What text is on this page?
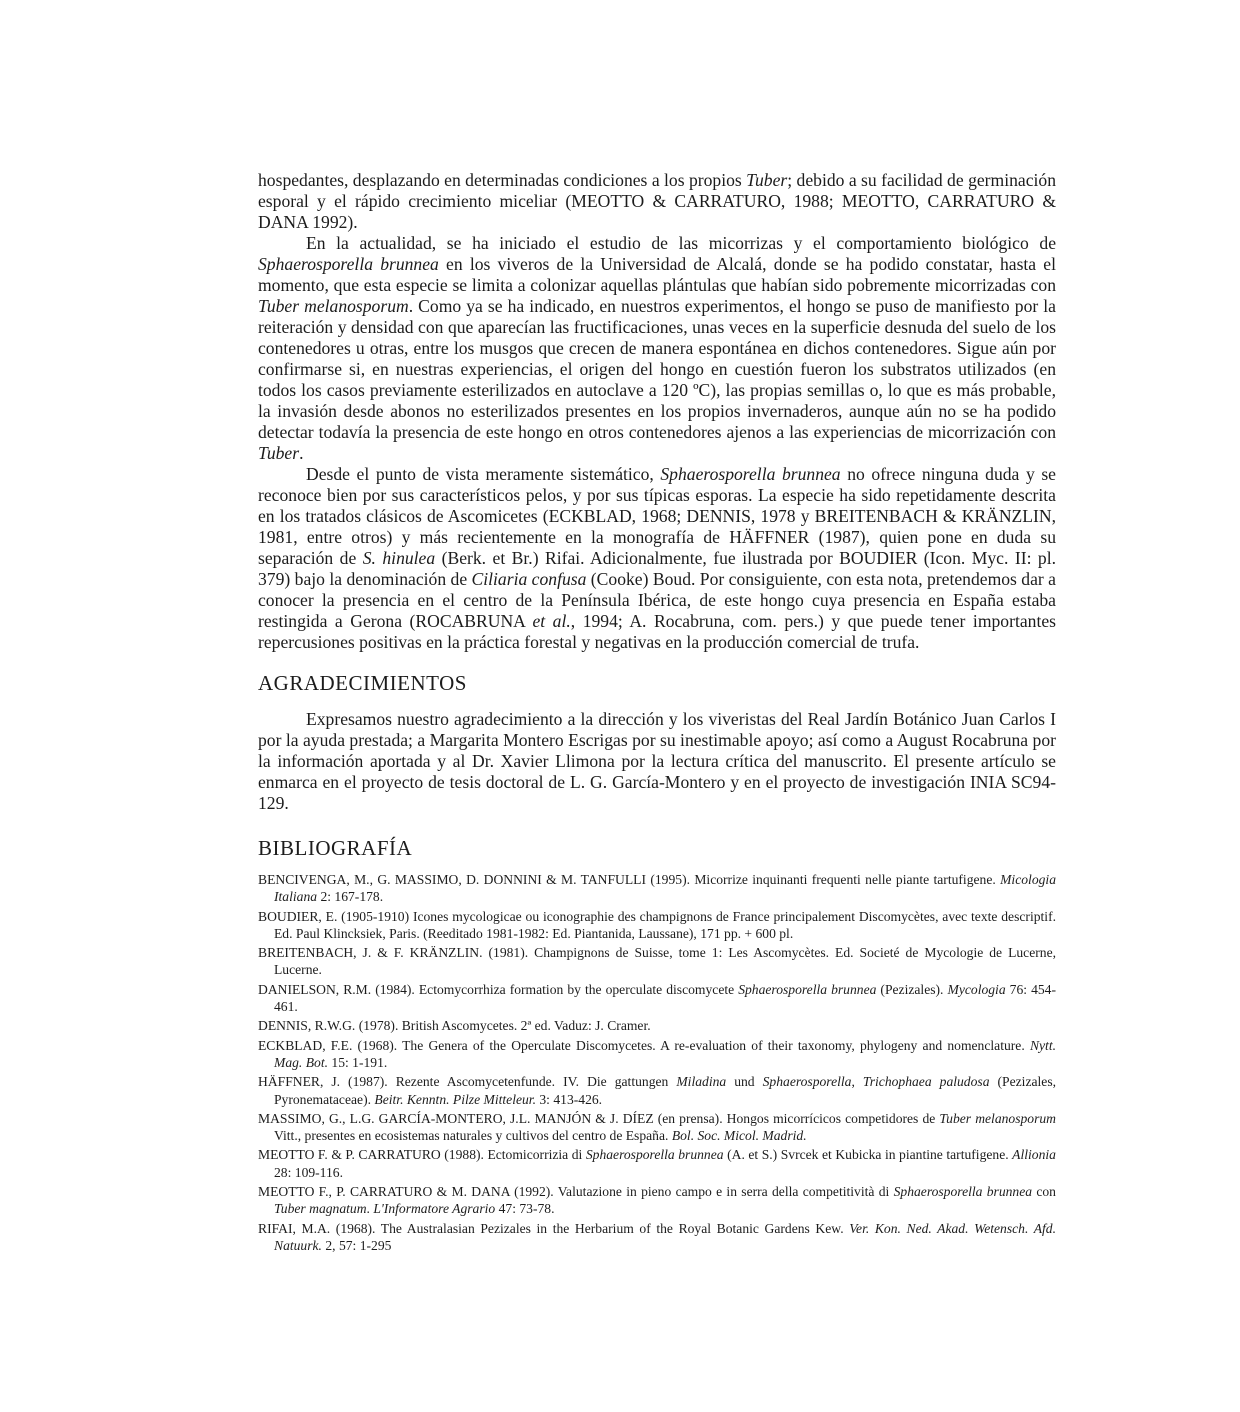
hospedantes, desplazando en determinadas condiciones a los propios Tuber; debido a su facilidad de germinación esporal y el rápido crecimiento miceliar (MEOTTO & CARRATURO, 1988; MEOTTO, CARRATURO & DANA 1992).

En la actualidad, se ha iniciado el estudio de las micorrizas y el comportamiento biológico de Sphaerosporella brunnea en los viveros de la Universidad de Alcalá, donde se ha podido constatar, hasta el momento, que esta especie se limita a colonizar aquellas plántulas que habían sido pobremente micorrizadas con Tuber melanosporum. Como ya se ha indicado, en nuestros experimentos, el hongo se puso de manifiesto por la reiteración y densidad con que aparecían las fructificaciones, unas veces en la superficie desnuda del suelo de los contenedores u otras, entre los musgos que crecen de manera espontánea en dichos contenedores. Sigue aún por confirmarse si, en nuestras experiencias, el origen del hongo en cuestión fueron los substratos utilizados (en todos los casos previamente esterilizados en autoclave a 120 ºC), las propias semillas o, lo que es más probable, la invasión desde abonos no esterilizados presentes en los propios invernaderos, aunque aún no se ha podido detectar todavía la presencia de este hongo en otros contenedores ajenos a las experiencias de micorrización con Tuber.

Desde el punto de vista meramente sistemático, Sphaerosporella brunnea no ofrece ninguna duda y se reconoce bien por sus característicos pelos, y por sus típicas esporas. La especie ha sido repetidamente descrita en los tratados clásicos de Ascomicetes (ECKBLAD, 1968; DENNIS, 1978 y BREITENBACH & KRÄNZLIN, 1981, entre otros) y más recientemente en la monografía de HÄFFNER (1987), quien pone en duda su separación de S. hinulea (Berk. et Br.) Rifai. Adicionalmente, fue ilustrada por BOUDIER (Icon. Myc. II: pl. 379) bajo la denominación de Ciliaria confusa (Cooke) Boud. Por consiguiente, con esta nota, pretendemos dar a conocer la presencia en el centro de la Península Ibérica, de este hongo cuya presencia en España estaba restingida a Gerona (ROCABRUNA et al., 1994; A. Rocabruna, com. pers.) y que puede tener importantes repercusiones positivas en la práctica forestal y negativas en la producción comercial de trufa.

AGRADECIMIENTOS

Expresamos nuestro agradecimiento a la dirección y los viveristas del Real Jardín Botánico Juan Carlos I por la ayuda prestada; a Margarita Montero Escrigas por su inestimable apoyo; así como a August Rocabruna por la información aportada y al Dr. Xavier Llimona por la lectura crítica del manuscrito. El presente artículo se enmarca en el proyecto de tesis doctoral de L. G. García-Montero y en el proyecto de investigación INIA SC94-129.

BIBLIOGRAFÍA
BENCIVENGA, M., G. MASSIMO, D. DONNINI & M. TANFULLI (1995). Micorrize inquinanti frequenti nelle piante tartufigene. Micologia Italiana 2: 167-178.
BOUDIER, E. (1905-1910) Icones mycologicae ou iconographie des champignons de France principalement Discomycètes, avec texte descriptif. Ed. Paul Klincksiek, Paris. (Reeditado 1981-1982: Ed. Piantanida, Laussane), 171 pp. + 600 pl.
BREITENBACH, J. & F. KRÄNZLIN. (1981). Champignons de Suisse, tome 1: Les Ascomycètes. Ed. Societé de Mycologie de Lucerne, Lucerne.
DANIELSON, R.M. (1984). Ectomycorrhiza formation by the operculate discomycete Sphaerosporella brunnea (Pezizales). Mycologia 76: 454-461.
DENNIS, R.W.G. (1978). British Ascomycetes. 2ª ed. Vaduz: J. Cramer.
ECKBLAD, F.E. (1968). The Genera of the Operculate Discomycetes. A re-evaluation of their taxonomy, phylogeny and nomenclature. Nytt. Mag. Bot. 15: 1-191.
HÄFFNER, J. (1987). Rezente Ascomycetenfunde. IV. Die gattungen Miladina und Sphaerosporella, Trichophaea paludosa (Pezizales, Pyronemataceae). Beitr. Kenntn. Pilze Mitteleur. 3: 413-426.
MASSIMO, G., L.G. GARCÍA-MONTERO, J.L. MANJÓN & J. DÍEZ (en prensa). Hongos micorrícicos competidores de Tuber melanosporum Vitt., presentes en ecosistemas naturales y cultivos del centro de España. Bol. Soc. Micol. Madrid.
MEOTTO F. & P. CARRATURO (1988). Ectomicorrizia di Sphaerosporella brunnea (A. et S.) Svrcek et Kubicka in piantine tartufigene. Allionia 28: 109-116.
MEOTTO F., P. CARRATURO & M. DANA (1992). Valutazione in pieno campo e in serra della competitività di Sphaerosporella brunnea con Tuber magnatum. L'Informatore Agrario 47: 73-78.
RIFAI, M.A. (1968). The Australasian Pezizales in the Herbarium of the Royal Botanic Gardens Kew. Ver. Kon. Ned. Akad. Wetensch. Afd. Natuurk. 2, 57: 1-295
